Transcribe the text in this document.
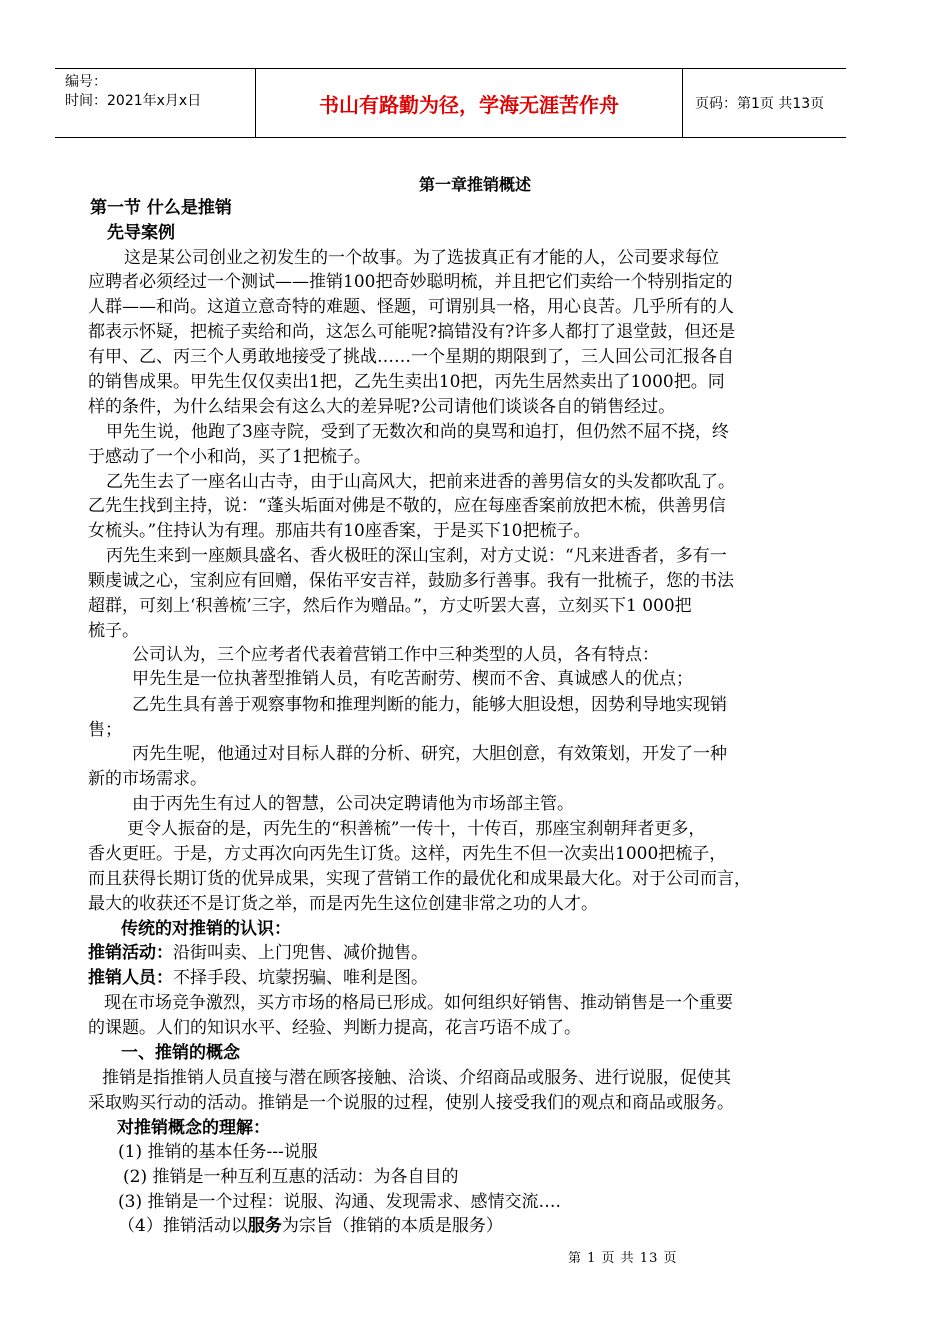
编号：
时间：2021年x月x日	书山有路勤为径，学海无涯苦作舟	页码：第1页 共13页
第一章推销概述
第一节 什么是推销
先导案例
这是某公司创业之初发生的一个故事。为了选拔真正有才能的人，公司要求每位
应聘者必须经过一个测试——推销100把奇妙聪明梳，并且把它们卖给一个特别指定的
人群——和尚。这道立意奇特的难题、怪题，可谓别具一格，用心良苦。几乎所有的人
都表示怀疑，把梳子卖给和尚，这怎么可能呢?搞错没有?许多人都打了退堂鼓，但还是
有甲、乙、丙三个人勇敢地接受了挑战……一个星期的期限到了，三人回公司汇报各自
的销售成果。甲先生仅仅卖出1把，乙先生卖出10把，丙先生居然卖出了1000把。同
样的条件，为什么结果会有这么大的差异呢?公司请他们谈谈各自的销售经过。
甲先生说，他跑了3座寺院，受到了无数次和尚的臭骂和追打，但仍然不屈不挠，终
于感动了一个小和尚，买了1把梳子。
乙先生去了一座名山古寺，由于山高风大，把前来进香的善男信女的头发都吹乱了。
乙先生找到主持，说：“蓬头垢面对佛是不敬的，应在每座香案前放把木梳，供善男信
女梳头。”住持认为有理。那庙共有10座香案，于是买下10把梳子。
丙先生来到一座颇具盛名、香火极旺的深山宝刹，对方丈说：“凡来进香者，多有一
颗虔诚之心，宝刹应有回赠，保佑平安吉祥，鼓励多行善事。我有一批梳子，您的书法
超群，可刻上‘积善梳’三字，然后作为赠品。”，方丈听罢大喜，立刻买下1 000把
梳子。
公司认为，三个应考者代表着营销工作中三种类型的人员，各有特点：
甲先生是一位执著型推销人员，有吃苦耐劳、楔而不舍、真诚感人的优点；
乙先生具有善于观察事物和推理判断的能力，能够大胆设想，因势利导地实现销
售；
丙先生呢，他通过对目标人群的分析、研究，大胆创意，有效策划，开发了一种
新的市场需求。
由于丙先生有过人的智慧，公司决定聘请他为市场部主管。
更令人振奋的是，丙先生的“积善梳”一传十，十传百，那座宝刹朝拜者更多，
香火更旺。于是，方丈再次向丙先生订货。这样，丙先生不但一次卖出1000把梳子，
而且获得长期订货的优异成果，实现了营销工作的最优化和成果最大化。对于公司而言，
最大的收获还不是订货之举，而是丙先生这位创建非常之功的人才。
传统的对推销的认识：
推销活动：沿街叫卖、上门兜售、减价抛售。
推销人员：不择手段、坑蒙拐骗、唯利是图。
现在市场竞争激烈，买方市场的格局已形成。如何组织好销售、推动销售是一个重要
的课题。人们的知识水平、经验、判断力提高，花言巧语不成了。
一、推销的概念
推销是指推销人员直接与潜在顾客接触、洽谈、介绍商品或服务、进行说服，促使其
采取购买行动的活动。推销是一个说服的过程，使别人接受我们的观点和商品或服务。
对推销概念的理解：
(1) 推销的基本任务---说服
(2) 推销是一种互利互惠的活动：为各自目的
(3) 推销是一个过程：说服、沟通、发现需求、感情交流….
（4）推销活动以服务为宗旨（推销的本质是服务）
第 1 页 共 13 页
